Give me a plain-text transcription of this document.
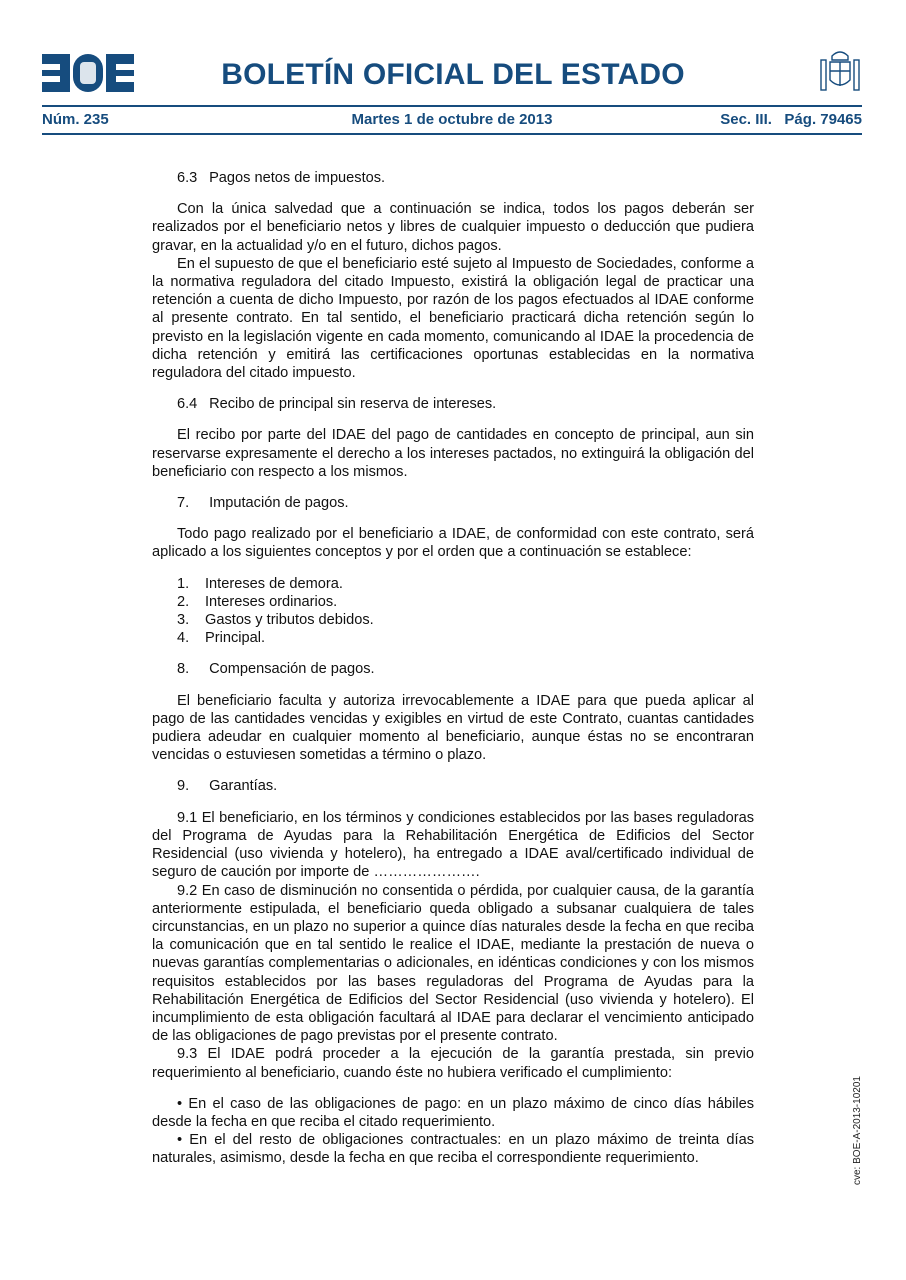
BOLETÍN OFICIAL DEL ESTADO
Núm. 235	Martes 1 de octubre de 2013	Sec. III.   Pág. 79465
6.3 Pagos netos de impuestos.

Con la única salvedad que a continuación se indica, todos los pagos deberán ser realizados por el beneficiario netos y libres de cualquier impuesto o deducción que pudiera gravar, en la actualidad y/o en el futuro, dichos pagos.

En el supuesto de que el beneficiario esté sujeto al Impuesto de Sociedades, conforme a la normativa reguladora del citado Impuesto, existirá la obligación legal de practicar una retención a cuenta de dicho Impuesto, por razón de los pagos efectuados al IDAE conforme al presente contrato. En tal sentido, el beneficiario practicará dicha retención según lo previsto en la legislación vigente en cada momento, comunicando al IDAE la procedencia de dicha retención y emitirá las certificaciones oportunas establecidas en la normativa reguladora del citado impuesto.

6.4 Recibo de principal sin reserva de intereses.

El recibo por parte del IDAE del pago de cantidades en concepto de principal, aun sin reservarse expresamente el derecho a los intereses pactados, no extinguirá la obligación del beneficiario con respecto a los mismos.

7. Imputación de pagos.

Todo pago realizado por el beneficiario a IDAE, de conformidad con este contrato, será aplicado a los siguientes conceptos y por el orden que a continuación se establece:

1. Intereses de demora.
2. Intereses ordinarios.
3. Gastos y tributos debidos.
4. Principal.
8. Compensación de pagos.

El beneficiario faculta y autoriza irrevocablemente a IDAE para que pueda aplicar al pago de las cantidades vencidas y exigibles en virtud de este Contrato, cuantas cantidades pudiera adeudar en cualquier momento al beneficiario, aunque éstas no se encontraran vencidas o estuviesen sometidas a término o plazo.

9. Garantías.

9.1 El beneficiario, en los términos y condiciones establecidos por las bases reguladoras del Programa de Ayudas para la Rehabilitación Energética de Edificios del Sector Residencial (uso vivienda y hotelero), ha entregado a IDAE aval/certificado individual de seguro de caución por importe de ………………….

9.2 En caso de disminución no consentida o pérdida, por cualquier causa, de la garantía anteriormente estipulada, el beneficiario queda obligado a subsanar cualquiera de tales circunstancias, en un plazo no superior a quince días naturales desde la fecha en que reciba la comunicación que en tal sentido le realice el IDAE, mediante la prestación de nueva o nuevas garantías complementarias o adicionales, en idénticas condiciones y con los mismos requisitos establecidos por las bases reguladoras del Programa de Ayudas para la Rehabilitación Energética de Edificios del Sector Residencial (uso vivienda y hotelero). El incumplimiento de esta obligación facultará al IDAE para declarar el vencimiento anticipado de las obligaciones de pago previstas por el presente contrato.

9.3 El IDAE podrá proceder a la ejecución de la garantía prestada, sin previo requerimiento al beneficiario, cuando éste no hubiera verificado el cumplimiento:

• En el caso de las obligaciones de pago: en un plazo máximo de cinco días hábiles desde la fecha en que reciba el citado requerimiento.

• En el del resto de obligaciones contractuales: en un plazo máximo de treinta días naturales, asimismo, desde la fecha en que reciba el correspondiente requerimiento.	cve: BOE-A-2013-10201
